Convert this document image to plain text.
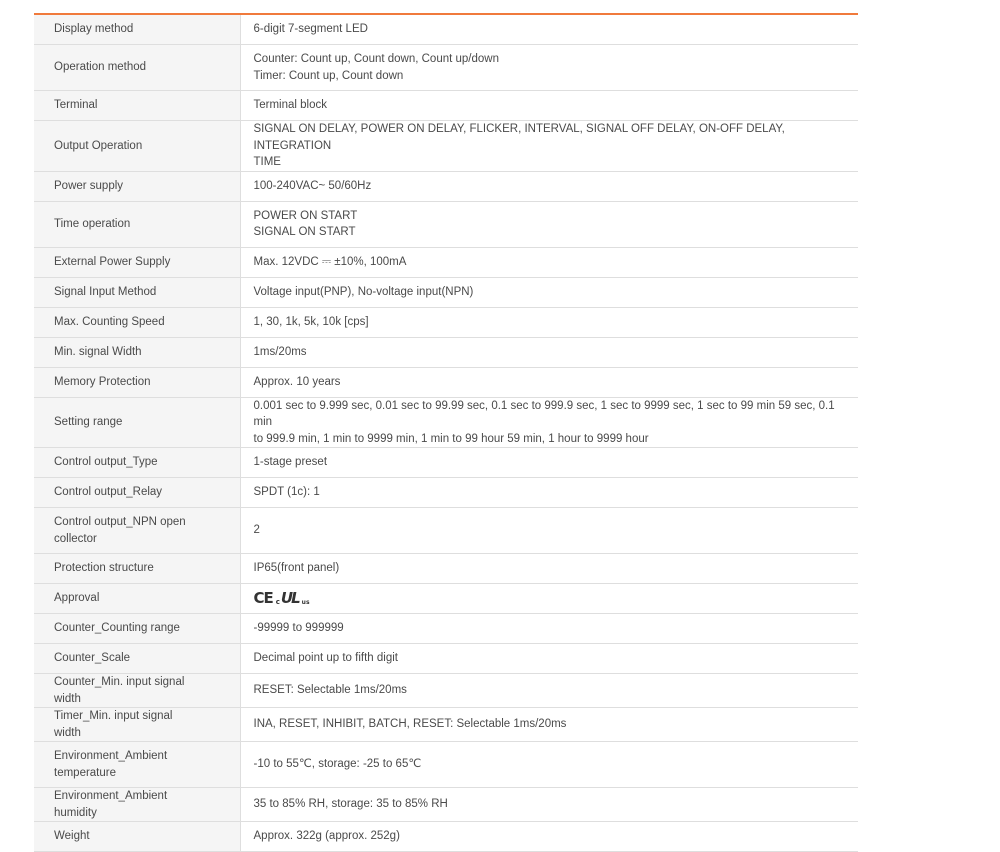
Display method	6-digit 7-segment LED

Operation method	Counter: Count up, Count down, Count up/down
Timer: Count up, Count down

Terminal	Terminal block

Output Operation	SIGNAL ON DELAY, POWER ON DELAY, FLICKER, INTERVAL, SIGNAL OFF DELAY, ON-OFF DELAY, INTEGRATION
TIME

Power supply	100-240VAC~ 50/60Hz

Time operation	POWER ON START
SIGNAL ON START

External Power Supply	Max. 12VDC ⎓ ±10%, 100mA

Signal Input Method	Voltage input(PNP), No-voltage input(NPN)

Max. Counting Speed	1, 30, 1k, 5k, 10k [cps]

Min. signal Width	1ms/20ms

Memory Protection	Approx. 10 years

Setting range	0.001 sec to 9.999 sec, 0.01 sec to 99.99 sec, 0.1 sec to 999.9 sec, 1 sec to 9999 sec, 1 sec to 99 min 59 sec, 0.1 min
to 999.9 min, 1 min to 9999 min, 1 min to 99 hour 59 min, 1 hour to 9999 hour

Control output_Type	1-stage preset

Control output_Relay	SPDT (1c): 1

Control output_NPN open collector	2

Protection structure	IP65(front panel)

Approval	CE c UL us

Counter_Counting range	-99999 to 999999

Counter_Scale	Decimal point up to fifth digit

Counter_Min. input signal width	RESET: Selectable 1ms/20ms

Timer_Min. input signal width	INA, RESET, INHIBIT, BATCH, RESET: Selectable 1ms/20ms

Environment_Ambient temperature	-10 to 55℃, storage: -25 to 65℃

Environment_Ambient humidity	35 to 85% RH, storage: 35 to 85% RH

Weight	Approx. 322g (approx. 252g)
